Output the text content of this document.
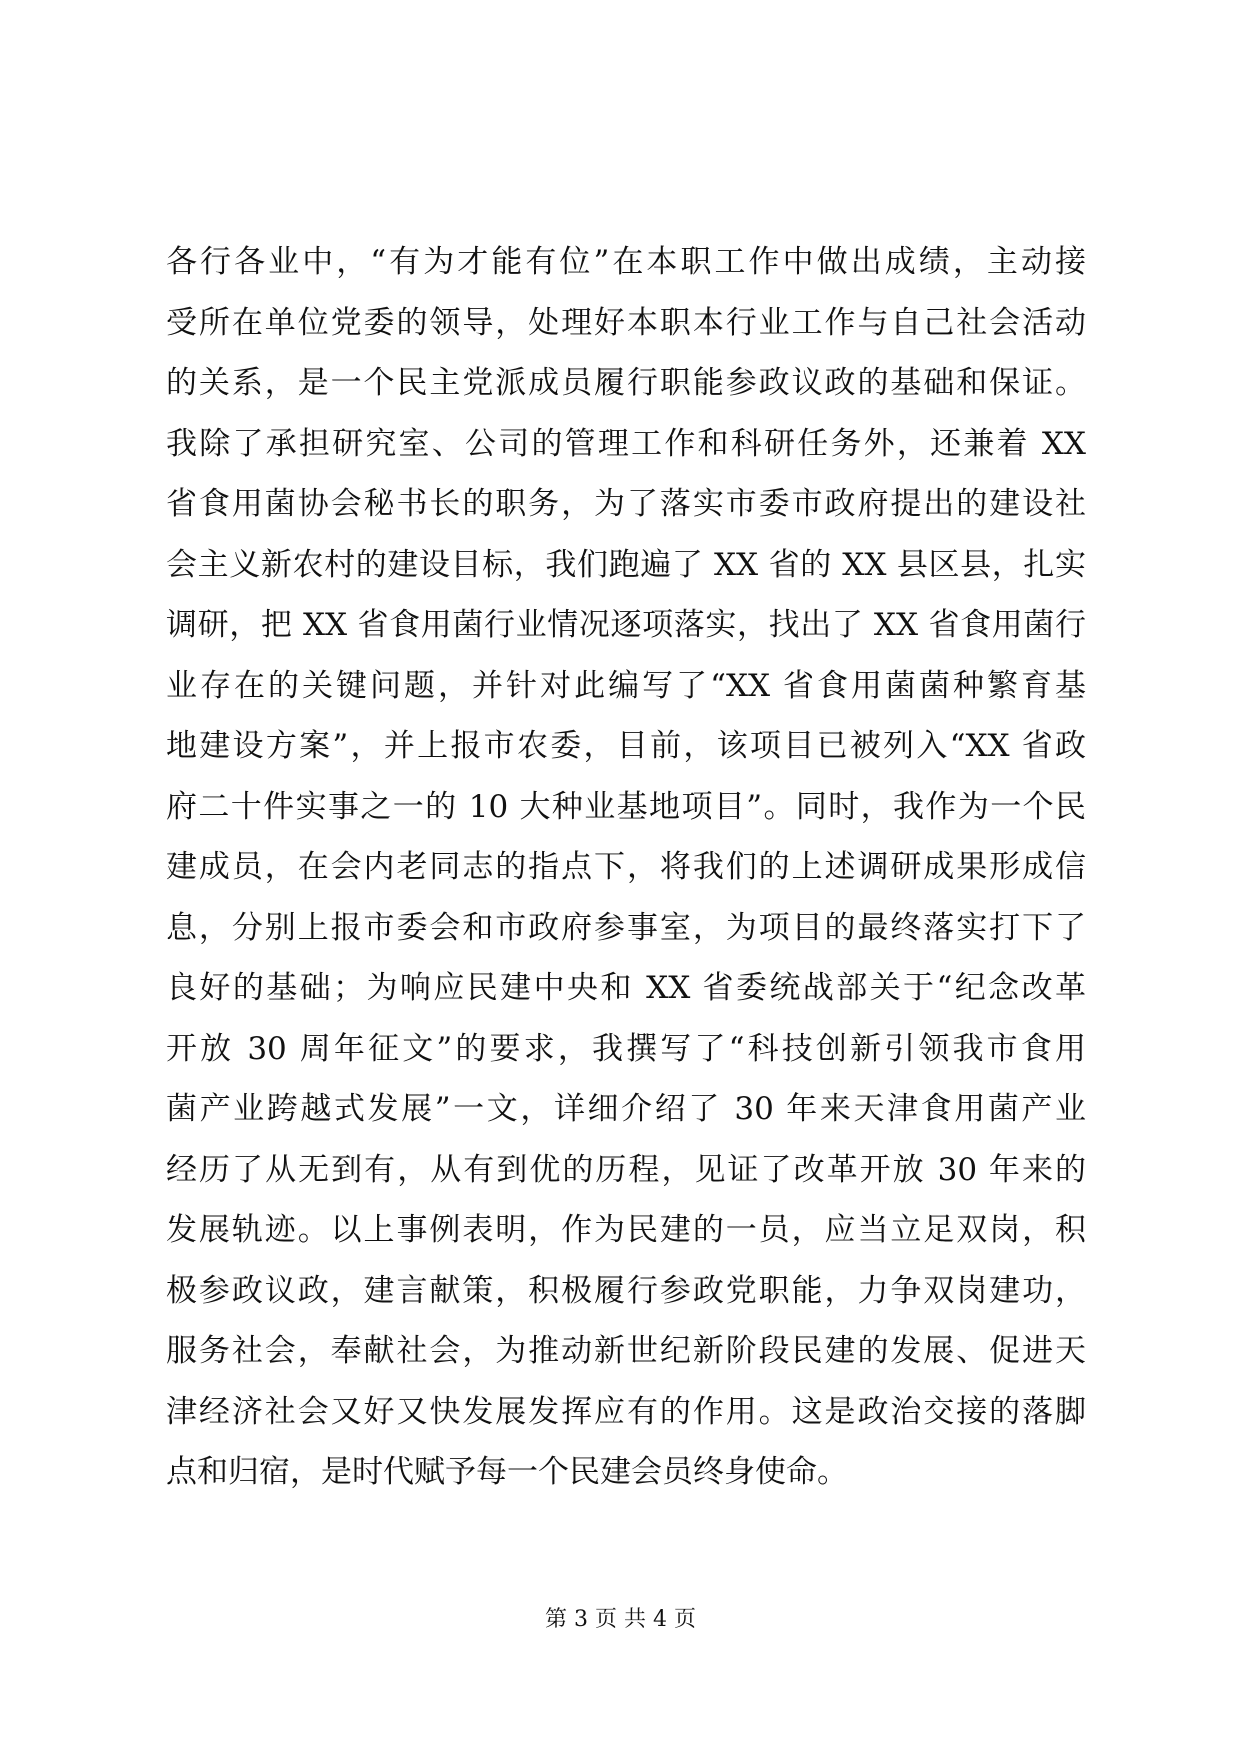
各行各业中，“有为才能有位”在本职工作中做出成绩，主动接
受所在单位党委的领导，处理好本职本行业工作与自己社会活动
的关系，是一个民主党派成员履行职能参政议政的基础和保证。
我除了承担研究室、公司的管理工作和科研任务外，还兼着 XX
省食用菌协会秘书长的职务，为了落实市委市政府提出的建设社
会主义新农村的建设目标，我们跑遍了 XX 省的 XX 县区县，扎实
调研，把 XX 省食用菌行业情况逐项落实，找出了 XX 省食用菌行
业存在的关键问题，并针对此编写了“XX 省食用菌菌种繁育基
地建设方案”，并上报市农委，目前，该项目已被列入“XX 省政
府二十件实事之一的 10 大种业基地项目”。同时，我作为一个民
建成员，在会内老同志的指点下，将我们的上述调研成果形成信
息，分别上报市委会和市政府参事室，为项目的最终落实打下了
良好的基础；为响应民建中央和 XX 省委统战部关于“纪念改革
开放 30 周年征文”的要求，我撰写了“科技创新引领我市食用
菌产业跨越式发展”一文，详细介绍了 30 年来天津食用菌产业
经历了从无到有，从有到优的历程，见证了改革开放 30 年来的
发展轨迹。以上事例表明，作为民建的一员，应当立足双岗，积
极参政议政，建言献策，积极履行参政党职能，力争双岗建功，
服务社会，奉献社会，为推动新世纪新阶段民建的发展、促进天
津经济社会又好又快发展发挥应有的作用。这是政治交接的落脚
点和归宿，是时代赋予每一个民建会员终身使命。
第 3 页 共 4 页
